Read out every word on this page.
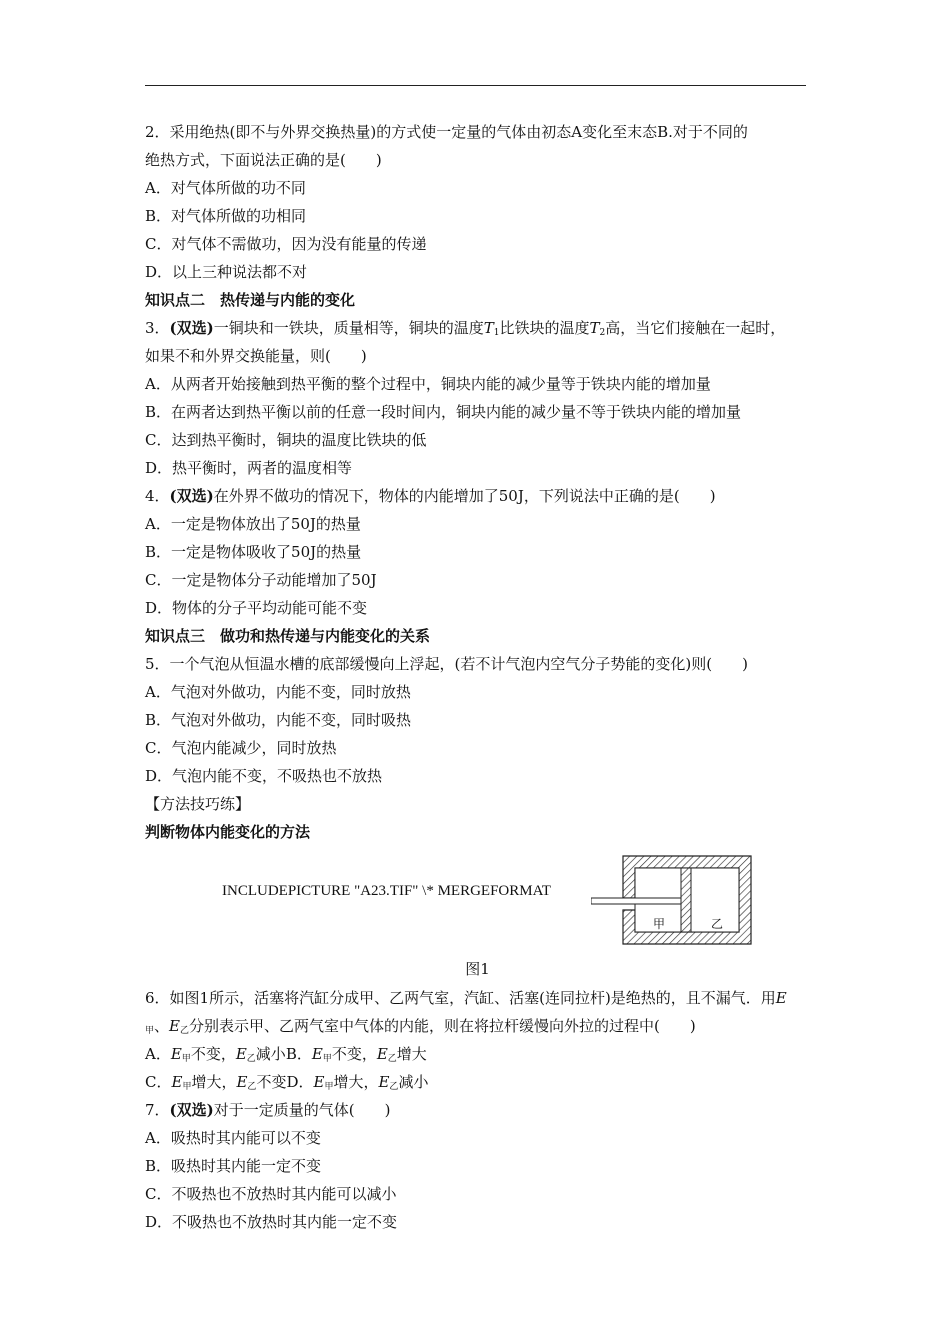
2．采用绝热(即不与外界交换热量)的方式使一定量的气体由初态A变化至末态B.对于不同的
绝热方式，下面说法正确的是(　　)
A．对气体所做的功不同
B．对气体所做的功相同
C．对气体不需做功，因为没有能量的传递
D．以上三种说法都不对
知识点二　热传递与内能的变化
3．(双选)一铜块和一铁块，质量相等，铜块的温度$T_1$比铁块的温度$T_2$高，当它们接触在一起时，
如果不和外界交换能量，则(　　)
A．从两者开始接触到热平衡的整个过程中，铜块内能的减少量等于铁块内能的增加量
B．在两者达到热平衡以前的任意一段时间内，铜块内能的减少量不等于铁块内能的增加量
C．达到热平衡时，铜块的温度比铁块的低
D．热平衡时，两者的温度相等
4．(双选)在外界不做功的情况下，物体的内能增加了50J，下列说法中正确的是(　　)
A．一定是物体放出了50J的热量
B．一定是物体吸收了50J的热量
C．一定是物体分子动能增加了50J
D．物体的分子平均动能可能不变
知识点三　做功和热传递与内能变化的关系
5．一个气泡从恒温水槽的底部缓慢向上浮起，(若不计气泡内空气分子势能的变化)则(　　)
A．气泡对外做功，内能不变，同时放热
B．气泡对外做功，内能不变，同时吸热
C．气泡内能减少，同时放热
D．气泡内能不变，不吸热也不放热
【方法技巧练】
判断物体内能变化的方法
INCLUDEPICTURE "A23.TIF" \* MERGEFORMAT
甲	乙
图1
6．如图1所示，活塞将汽缸分成甲、乙两气室，汽缸、活塞(连同拉杆)是绝热的，且不漏气．用E
$_甲$、$E_乙$分别表示甲、乙两气室中气体的内能，则在将拉杆缓慢向外拉的过程中(　　)
A．$E_甲$不变，$E_乙$减小B．$E_甲$不变，$E_乙$增大
C．$E_甲$增大，$E_乙$不变D．$E_甲$增大，$E_乙$减小
7．(双选)对于一定质量的气体(　　)
A．吸热时其内能可以不变
B．吸热时其内能一定不变
C．不吸热也不放热时其内能可以减小
D．不吸热也不放热时其内能一定不变
